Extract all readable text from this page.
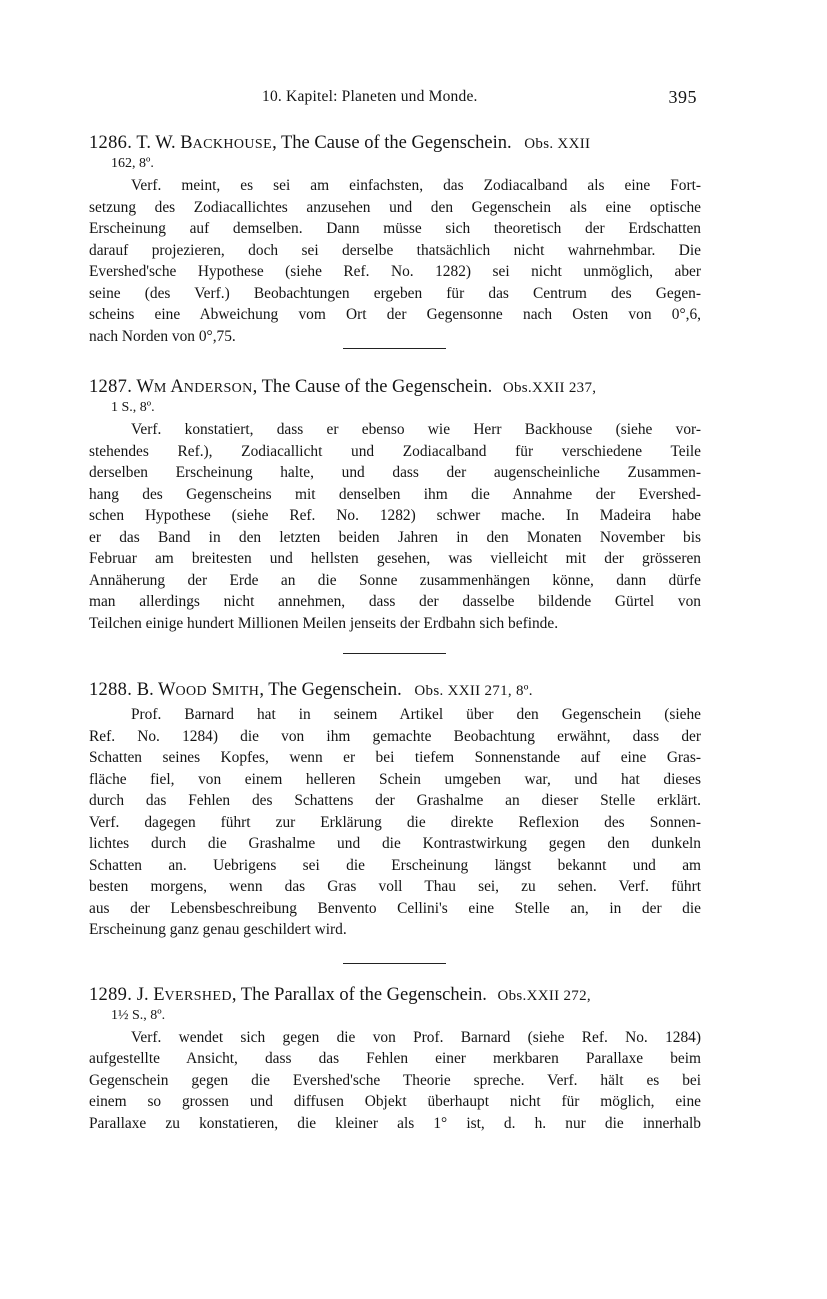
10. Kapitel: Planeten und Monde.	395

1286. T. W. BACKHOUSE, The Cause of the Gegenschein. Obs. XXII

162, 8º.
Verf. meint, es sei am einfachsten, das Zodiacalband als eine Fort-
setzung des Zodiacallichtes anzusehen und den Gegenschein als eine optische
Erscheinung auf demselben. Dann müsse sich theoretisch der Erdschatten
darauf projezieren, doch sei derselbe thatsächlich nicht wahrnehmbar. Die
Evershed'sche Hypothese (siehe Ref. No. 1282) sei nicht unmöglich, aber
seine (des Verf.) Beobachtungen ergeben für das Centrum des Gegen-
scheins eine Abweichung vom Ort der Gegensonne nach Osten von 0°,6,
nach Norden von 0°,75.

1287. WM ANDERSON, The Cause of the Gegenschein. Obs.XXII 237,

1 S., 8º.
Verf. konstatiert, dass er ebenso wie Herr Backhouse (siehe vor-
stehendes Ref.), Zodiacallicht und Zodiacalband für verschiedene Teile
derselben Erscheinung halte, und dass der augenscheinliche Zusammen-
hang des Gegenscheins mit denselben ihm die Annahme der Evershed-
schen Hypothese (siehe Ref. No. 1282) schwer mache. In Madeira habe
er das Band in den letzten beiden Jahren in den Monaten November bis
Februar am breitesten und hellsten gesehen, was vielleicht mit der grösseren
Annäherung der Erde an die Sonne zusammenhängen könne, dann dürfe
man allerdings nicht annehmen, dass der dasselbe bildende Gürtel von
Teilchen einige hundert Millionen Meilen jenseits der Erdbahn sich befinde.

1288. B. WOOD SMITH, The Gegenschein. Obs. XXII 271, 8º.

Prof. Barnard hat in seinem Artikel über den Gegenschein (siehe
Ref. No. 1284) die von ihm gemachte Beobachtung erwähnt, dass der
Schatten seines Kopfes, wenn er bei tiefem Sonnenstande auf eine Gras-
fläche fiel, von einem helleren Schein umgeben war, und hat dieses
durch das Fehlen des Schattens der Grashalme an dieser Stelle erklärt.
Verf. dagegen führt zur Erklärung die direkte Reflexion des Sonnen-
lichtes durch die Grashalme und die Kontrastwirkung gegen den dunkeln
Schatten an. Uebrigens sei die Erscheinung längst bekannt und am
besten morgens, wenn das Gras voll Thau sei, zu sehen. Verf. führt
aus der Lebensbeschreibung Benvento Cellini's eine Stelle an, in der die
Erscheinung ganz genau geschildert wird.

1289. J. EVERSHED, The Parallax of the Gegenschein. Obs.XXII 272,

1½ S., 8º.
Verf. wendet sich gegen die von Prof. Barnard (siehe Ref. No. 1284)
aufgestellte Ansicht, dass das Fehlen einer merkbaren Parallaxe beim
Gegenschein gegen die Evershed'sche Theorie spreche. Verf. hält es bei
einem so grossen und diffusen Objekt überhaupt nicht für möglich, eine
Parallaxe zu konstatieren, die kleiner als 1° ist, d. h. nur die innerhalb
